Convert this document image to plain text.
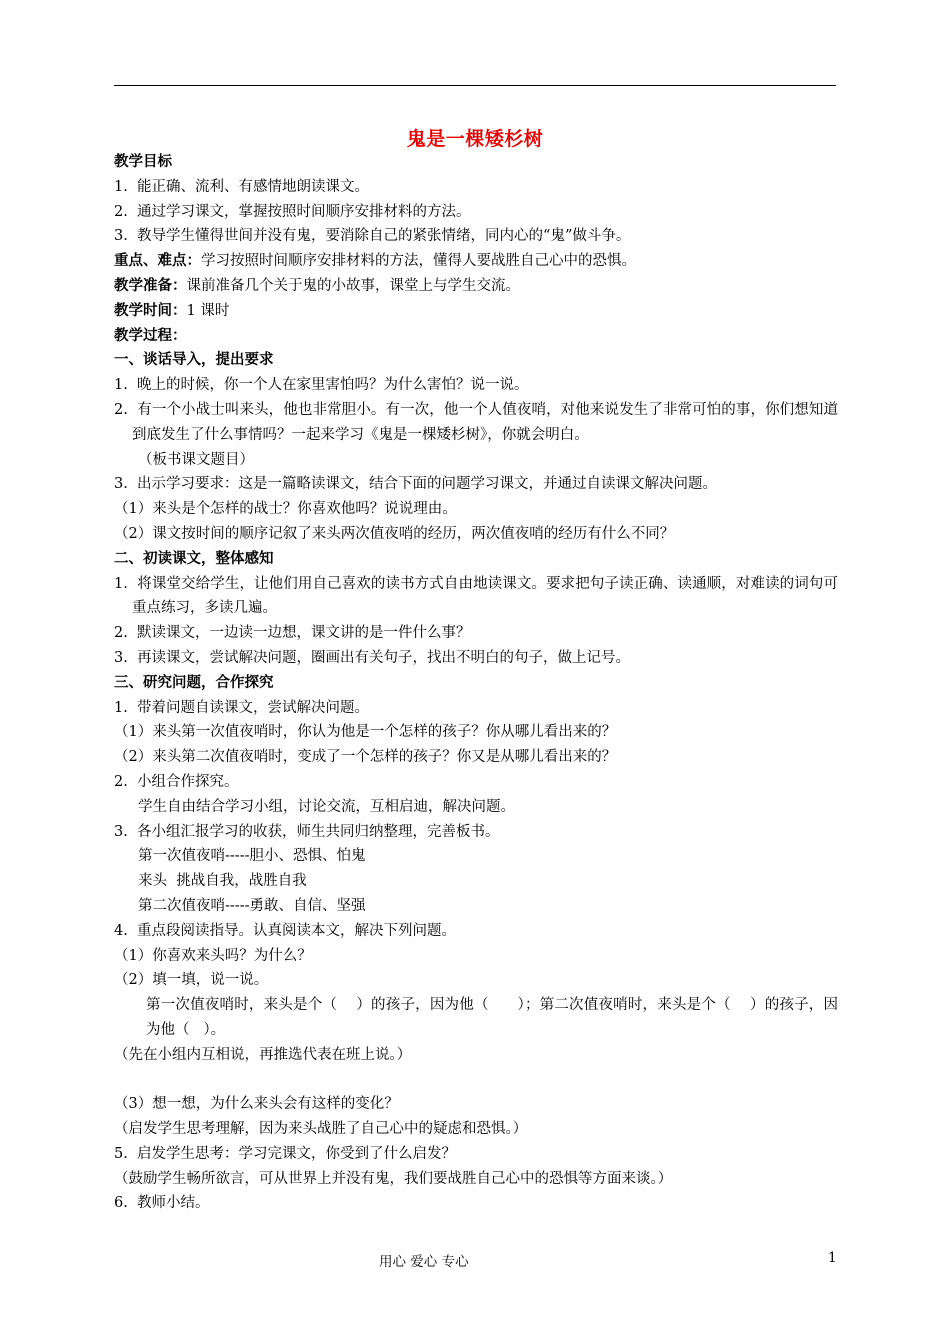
鬼是一棵矮杉树

教学目标

1.  能正确、流利、有感情地朗读课文。

2.  通过学习课文，掌握按照时间顺序安排材料的方法。

3.  教导学生懂得世间并没有鬼，要消除自己的紧张情绪，同内心的“鬼”做斗争。

重点、难点：学习按照时间顺序安排材料的方法，懂得人要战胜自己心中的恐惧。

教学准备：课前准备几个关于鬼的小故事，课堂上与学生交流。

教学时间：1 课时

教学过程：

一、谈话导入，提出要求

1.  晚上的时候，你一个人在家里害怕吗？为什么害怕？说一说。

2.  有一个小战士叫来头，他也非常胆小。有一次，他一个人值夜哨，对他来说发生了非常可怕的事，你们想知道到底发生了什么事情吗？一起来学习《鬼是一棵矮杉树》，你就会明白。

（板书课文题目）

3.  出示学习要求：这是一篇略读课文，结合下面的问题学习课文，并通过自读课文解决问题。

（1）来头是个怎样的战士？你喜欢他吗？说说理由。

（2）课文按时间的顺序记叙了来头两次值夜哨的经历，两次值夜哨的经历有什么不同？

二、初读课文，整体感知

1.  将课堂交给学生，让他们用自己喜欢的读书方式自由地读课文。要求把句子读正确、读通顺，对难读的词句可重点练习，多读几遍。

2.  默读课文，一边读一边想，课文讲的是一件什么事？

3.  再读课文，尝试解决问题，圈画出有关句子，找出不明白的句子，做上记号。

三、研究问题，合作探究

1.  带着问题自读课文，尝试解决问题。

（1）来头第一次值夜哨时，你认为他是一个怎样的孩子？你从哪儿看出来的？

（2）来头第二次值夜哨时，变成了一个怎样的孩子？你又是从哪儿看出来的？

2.  小组合作探究。

学生自由结合学习小组，讨论交流，互相启迪，解决问题。

3.  各小组汇报学习的收获，师生共同归纳整理，完善板书。

第一次值夜哨-----胆小、恐惧、怕鬼

来头  挑战自我，战胜自我

第二次值夜哨-----勇敢、自信、坚强

4.  重点段阅读指导。认真阅读本文，解决下列问题。

（1）你喜欢来头吗？为什么？

（2）填一填，说一说。

第一次值夜哨时，来头是个（    ）的孩子，因为他（      ）；第二次值夜哨时，来头是个（    ）的孩子，因为他（   ）。

（先在小组内互相说，再推选代表在班上说。）

（3）想一想，为什么来头会有这样的变化？

（启发学生思考理解，因为来头战胜了自己心中的疑虑和恐惧。）

5.  启发学生思考：学习完课文，你受到了什么启发？

（鼓励学生畅所欲言，可从世界上并没有鬼，我们要战胜自己心中的恐惧等方面来谈。）

6.  教师小结。

用心 爱心 专心	1
